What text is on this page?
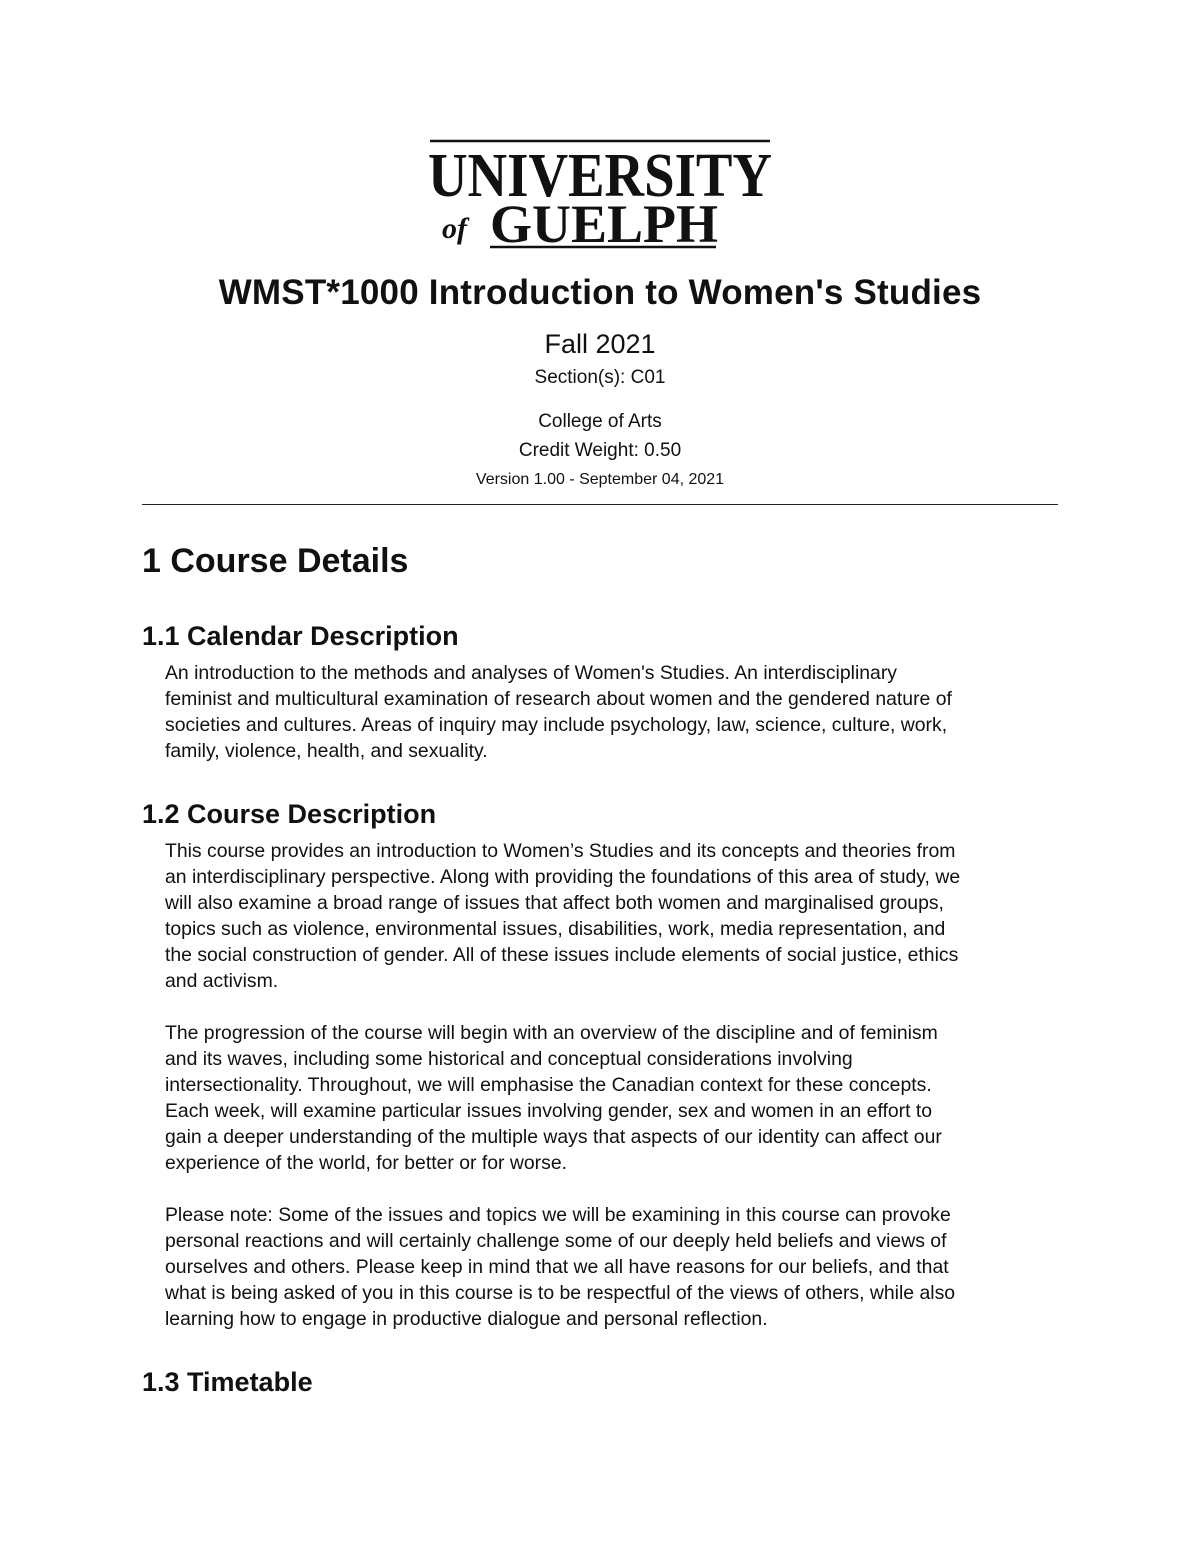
UNIVERSITY
of GUELPH
WMST*1000 Introduction to Women's Studies
Fall 2021
Section(s): C01
College of Arts
Credit Weight: 0.50
Version 1.00 - September 04, 2021
1 Course Details
1.1 Calendar Description
An introduction to the methods and analyses of Women's Studies. An interdisciplinary
feminist and multicultural examination of research about women and the gendered nature of
societies and cultures. Areas of inquiry may include psychology, law, science, culture, work,
family, violence, health, and sexuality.
1.2 Course Description
This course provides an introduction to Women’s Studies and its concepts and theories from
an interdisciplinary perspective. Along with providing the foundations of this area of study, we
will also examine a broad range of issues that affect both women and marginalised groups,
topics such as violence, environmental issues, disabilities, work, media representation, and
the social construction of gender. All of these issues include elements of social justice, ethics
and activism.
The progression of the course will begin with an overview of the discipline and of feminism
and its waves, including some historical and conceptual considerations involving
intersectionality. Throughout, we will emphasise the Canadian context for these concepts.
Each week, will examine particular issues involving gender, sex and women in an effort to
gain a deeper understanding of the multiple ways that aspects of our identity can affect our
experience of the world, for better or for worse.
Please note: Some of the issues and topics we will be examining in this course can provoke
personal reactions and will certainly challenge some of our deeply held beliefs and views of
ourselves and others. Please keep in mind that we all have reasons for our beliefs, and that
what is being asked of you in this course is to be respectful of the views of others, while also
learning how to engage in productive dialogue and personal reflection.
1.3 Timetable
